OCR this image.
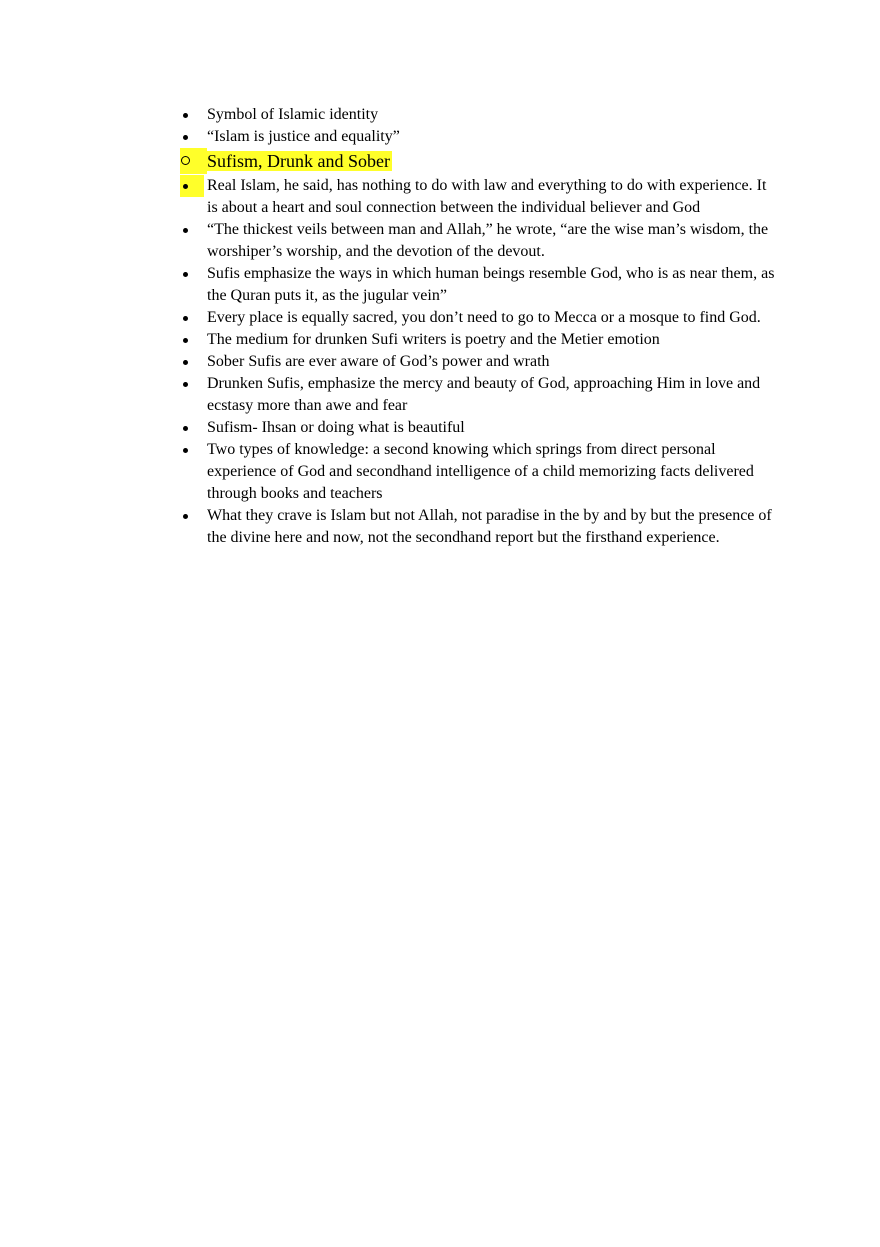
Symbol of Islamic identity
“Islam is justice and equality”
Sufism, Drunk and Sober
Real Islam, he said, has nothing to do with law and everything to do with experience. It is about a heart and soul connection between the individual believer and God
“The thickest veils between man and Allah,” he wrote, “are the wise man’s wisdom, the worshiper’s worship, and the devotion of the devout.
Sufis emphasize the ways in which human beings resemble God, who is as near them, as the Quran puts it, as the jugular vein”
Every place is equally sacred, you don’t need to go to Mecca or a mosque to find God.
The medium for drunken Sufi writers is poetry and the Metier emotion
Sober Sufis are ever aware of God’s power and wrath
Drunken Sufis, emphasize the mercy and beauty of God, approaching Him in love and ecstasy more than awe and fear
Sufism- Ihsan or doing what is beautiful
Two types of knowledge: a second knowing which springs from direct personal experience of God and secondhand intelligence of a child memorizing facts delivered through books and teachers
What they crave is Islam but not Allah, not paradise in the by and by but the presence of the divine here and now, not the secondhand report but the firsthand experience.
